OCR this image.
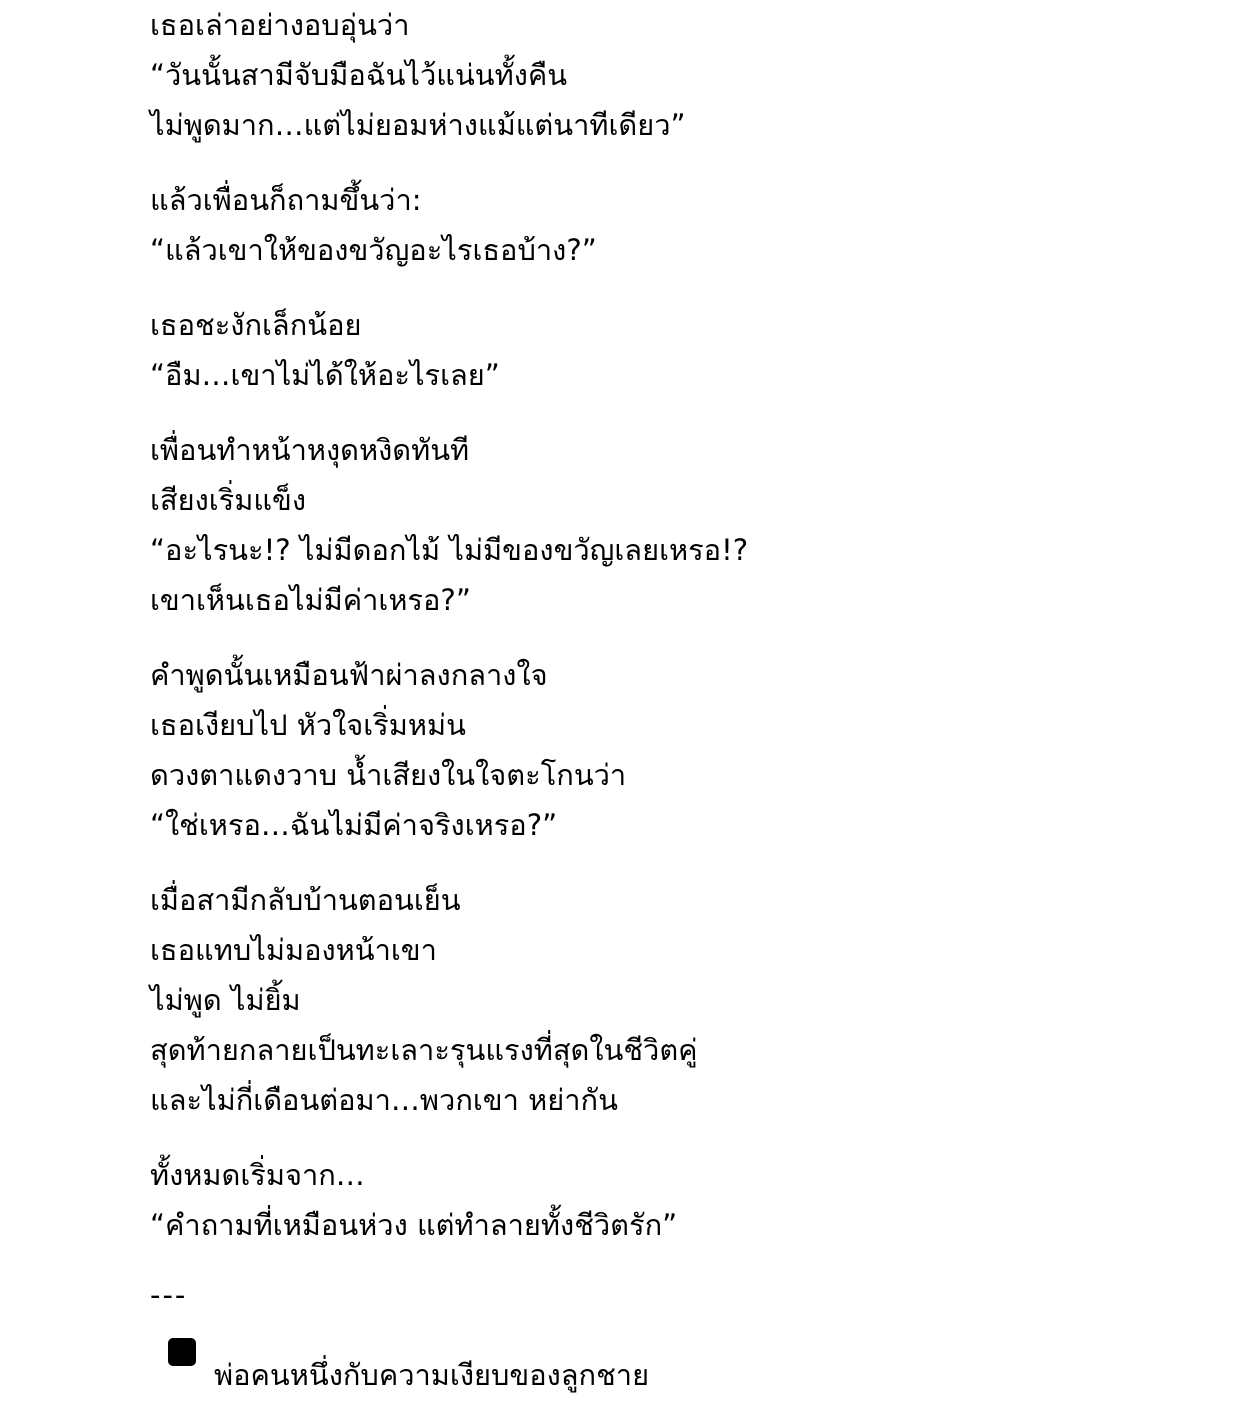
เธอเล่าอย่างอบอุ่นว่า
“วันนั้นสามีจับมือฉันไว้แน่นทั้งคืน
ไม่พูดมาก…แต่ไม่ยอมห่างแม้แต่นาทีเดียว”
แล้วเพื่อนก็ถามขึ้นว่า:
“แล้วเขาให้ของขวัญอะไรเธอบ้าง?”
เธอชะงักเล็กน้อย
“อืม…เขาไม่ได้ให้อะไรเลย”
เพื่อนทำหน้าหงุดหงิดทันที
เสียงเริ่มแข็ง
“อะไรนะ!? ไม่มีดอกไม้ ไม่มีของขวัญเลยเหรอ!?
เขาเห็นเธอไม่มีค่าเหรอ?”
คำพูดนั้นเหมือนฟ้าผ่าลงกลางใจ
เธอเงียบไป หัวใจเริ่มหม่น
ดวงตาแดงวาบ น้ำเสียงในใจตะโกนว่า
“ใช่เหรอ…ฉันไม่มีค่าจริงเหรอ?”
เมื่อสามีกลับบ้านตอนเย็น
เธอแทบไม่มองหน้าเขา
ไม่พูด ไม่ยิ้ม
สุดท้ายกลายเป็นทะเลาะรุนแรงที่สุดในชีวิตคู่
และไม่กี่เดือนต่อมา…พวกเขา หย่ากัน
ทั้งหมดเริ่มจาก…
“คำถามที่เหมือนห่วง แต่ทำลายทั้งชีวิตรัก”
---
พ่อคนหนึ่งกับความเงียบของลูกชาย
